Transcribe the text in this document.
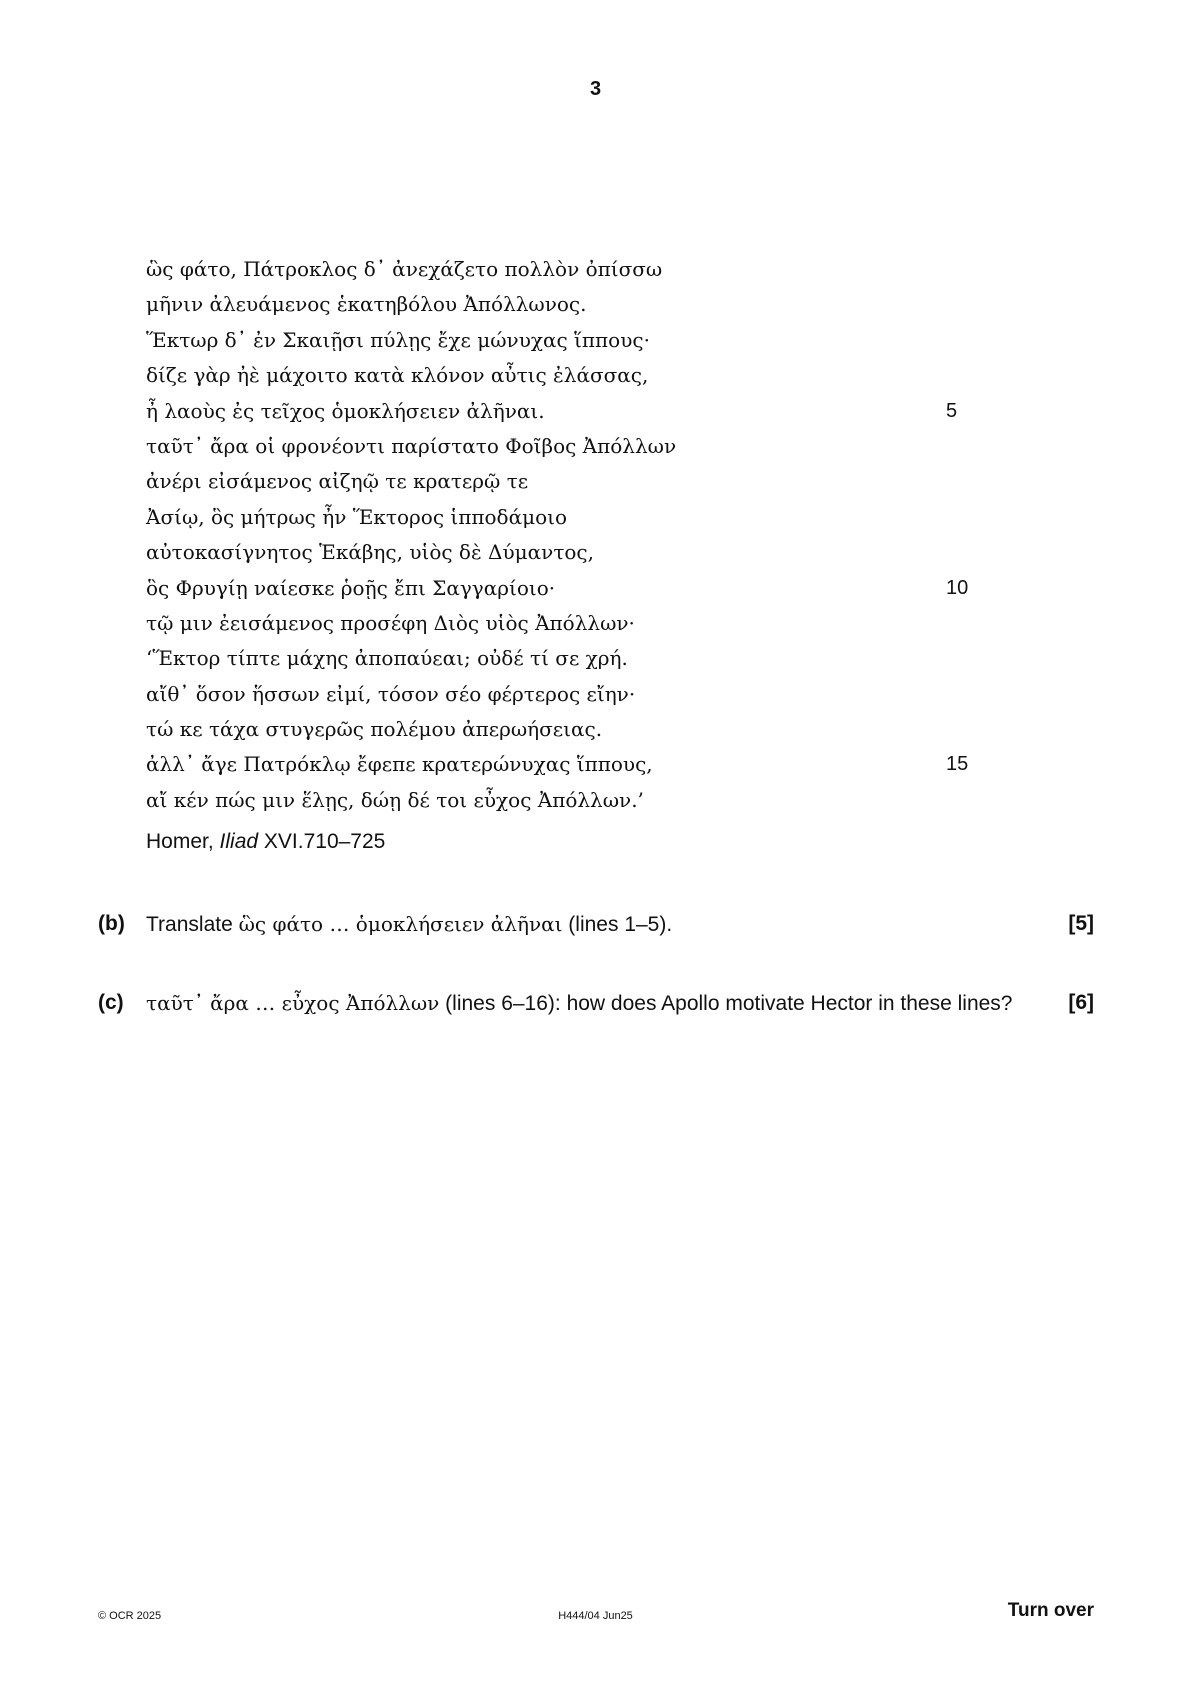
3
ὣς φάτο, Πάτροκλος δ᾽ ἀνεχάζετο πολλὸν ὀπίσσω
μῆνιν ἀλευάμενος ἑκατηβόλου Ἀπόλλωνος.
Ἕκτωρ δ᾽ ἐν Σκαιῇσι πύλῃς ἔχε μώνυχας ἵππους·
δίζε γὰρ ἠὲ μάχοιτο κατὰ κλόνον αὖτις ἐλάσσας,
ἦ λαοὺς ἐς τεῖχος ὁμοκλήσειεν ἀλῆναι.	5
ταῦτ᾽ ἄρα οἱ φρονέοντι παρίστατο Φοῖβος Ἀπόλλων
ἀνέρι εἰσάμενος αἰζηῷ τε κρατερῷ τε
Ἀσίῳ, ὃς μήτρως ἦν Ἕκτορος ἱπποδάμοιο
αὐτοκασίγνητος Ἑκάβης, υἱὸς δὲ Δύμαντος,
ὃς Φρυγίῃ ναίεσκε ῥοῇς ἔπι Σαγγαρίοιο·	10
τῷ μιν ἐεισάμενος προσέφη Διὸς υἱὸς Ἀπόλλων·
‘Ἕκτορ τίπτε μάχης ἀποπαύεαι; οὐδέ τί σε χρή.
αἴθ᾽ ὅσον ἥσσων εἰμί, τόσον σέο φέρτερος εἴην·
τώ κε τάχα στυγερῶς πολέμου ἀπερωήσειας.
ἀλλ᾽ ἄγε Πατρόκλῳ ἔφεπε κρατερώνυχας ἵππους,	15
αἴ κέν πώς μιν ἕλῃς, δώῃ δέ τοι εὖχος Ἀπόλλων.’
Homer, Iliad XVI.710–725
(b) Translate ὣς φάτο … ὁμοκλήσειεν ἀλῆναι (lines 1–5).	[5]
(c) ταῦτ᾽ ἄρα … εὖχος Ἀπόλλων (lines 6–16): how does Apollo motivate Hector in these lines?	[6]
© OCR 2025	H444/04 Jun25	Turn over
